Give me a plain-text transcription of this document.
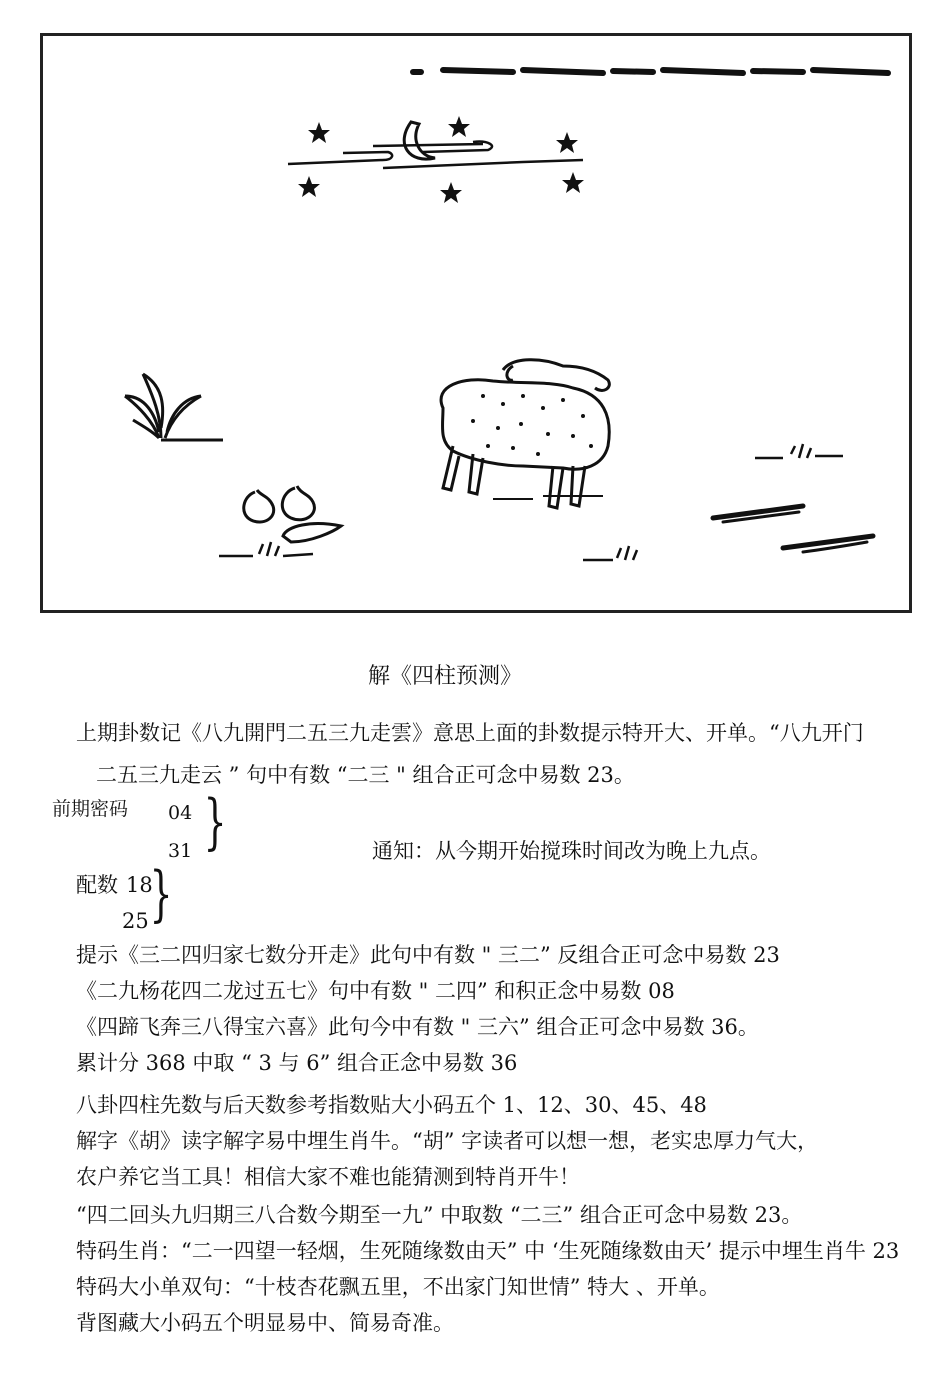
解《四柱预测》
上期卦数记《八九開門二五三九走雲》意思上面的卦数提示特开大、开单。“八九开门
二五三九走云 ” 句中有数 “二三 " 组合正可念中易数 23。
前期密码 04
31 }	通知：从今期开始搅珠时间改为晚上九点。
配数 18
25 }
提示《三二四归家七数分开走》此句中有数 " 三二” 反组合正可念中易数 23
《二九杨花四二龙过五七》句中有数 " 二四” 和积正念中易数 08
《四蹄飞奔三八得宝六喜》此句今中有数 " 三六” 组合正可念中易数 36。
累计分 368 中取 “ 3 与 6” 组合正念中易数 36
八卦四柱先数与后天数参考指数贴大小码五个 1、12、30、45、48
解字《胡》读字解字易中埋生肖牛。“胡” 字读者可以想一想，老实忠厚力气大，
农户养它当工具！相信大家不难也能猜测到特肖开牛！
“四二回头九归期三八合数今期至一九” 中取数 “二三” 组合正可念中易数 23。
特码生肖：“二一四望一轻烟，生死随缘数由天” 中 ‘生死随缘数由天’ 提示中埋生肖牛 23
特码大小单双句：“十枝杏花飘五里，不出家门知世情” 特大 、开单。
背图藏大小码五个明显易中、简易奇准。
